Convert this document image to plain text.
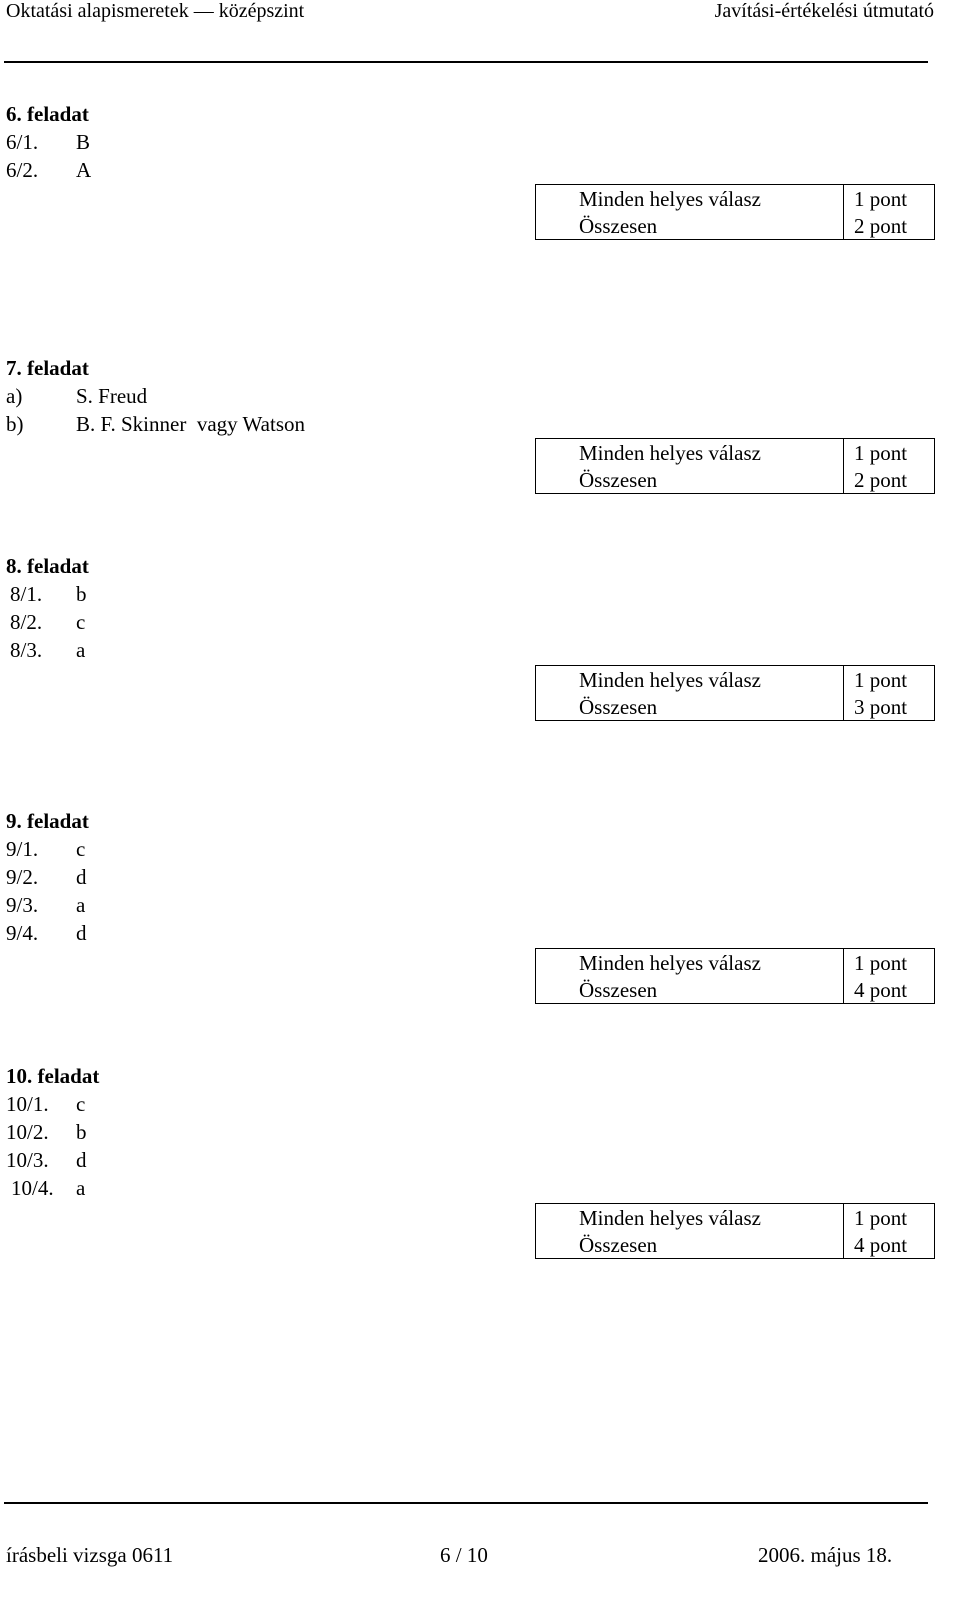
Oktatási alapismeretek — középszint	Javítási-értékelési útmutató
6. feladat
6/1. B
6/2. A
Minden helyes válasz	1 pont
Összesen	2 pont
7. feladat
a)	S. Freud
b)	B. F. Skinner  vagy Watson
Minden helyes válasz	1 pont
Összesen	2 pont
8. feladat
8/1. b
8/2. c
8/3. a
Minden helyes válasz	1 pont
Összesen	3 pont
9. feladat
9/1. c
9/2. d
9/3. a
9/4. d
Minden helyes válasz	1 pont
Összesen	4 pont
10. feladat
10/1. c
10/2. b
10/3. d
10/4. a
Minden helyes válasz	1 pont
Összesen	4 pont
írásbeli vizsga 0611	6 / 10	2006. május 18.
